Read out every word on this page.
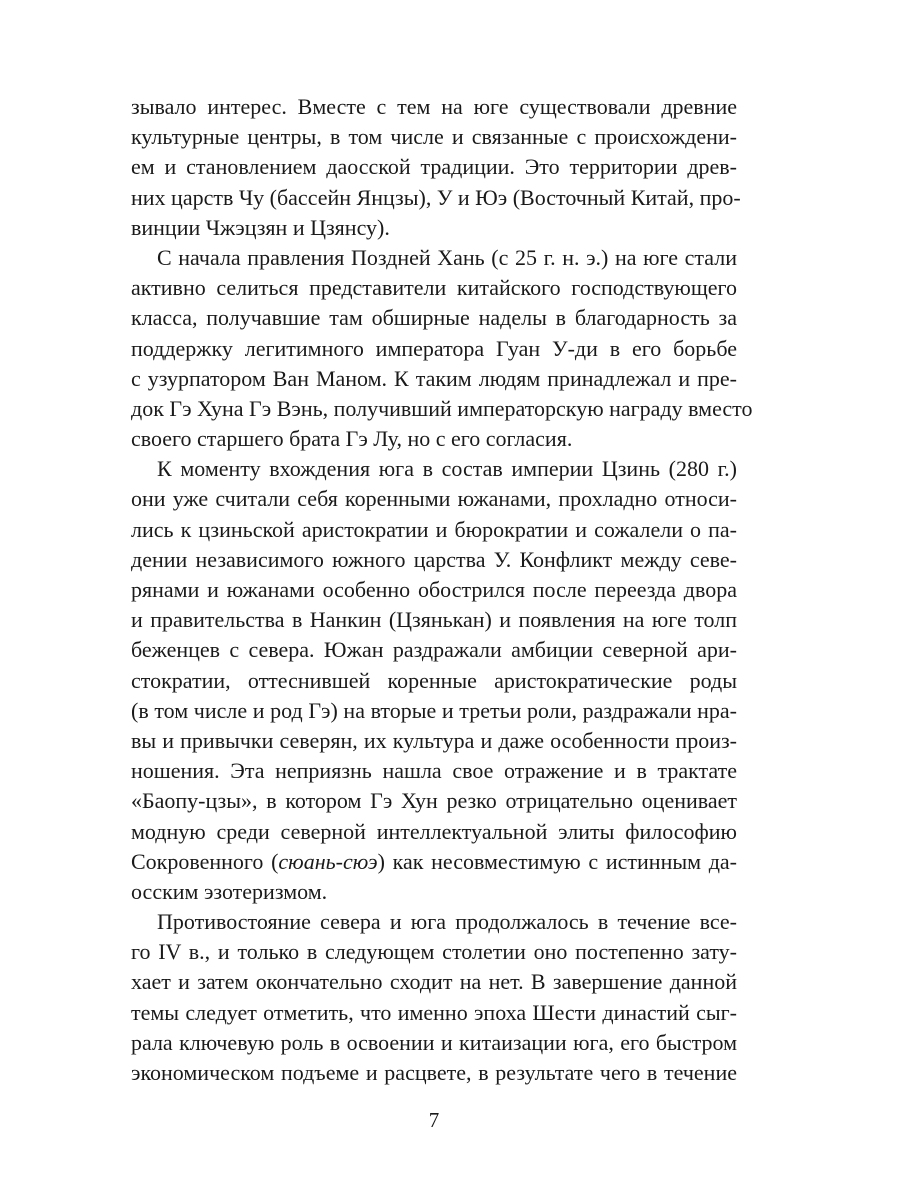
зывало интерес. Вместе с тем на юге существовали древние
культурные центры, в том числе и связанные с происхождени-
ем и становлением даосской традиции. Это территории древ-
них царств Чу (бассейн Янцзы), У и Юэ (Восточный Китай, про-
винции Чжэцзян и Цзянсу).
С начала правления Поздней Хань (с 25 г. н. э.) на юге стали
активно селиться представители китайского господствующего
класса, получавшие там обширные наделы в благодарность за
поддержку легитимного императора Гуан У-ди в его борьбе
с узурпатором Ван Маном. К таким людям принадлежал и пре-
док Гэ Хуна Гэ Вэнь, получивший императорскую награду вместо
своего старшего брата Гэ Лу, но с его согласия.
К моменту вхождения юга в состав империи Цзинь (280 г.)
они уже считали себя коренными южанами, прохладно относи-
лись к цзиньской аристократии и бюрократии и сожалели о па-
дении независимого южного царства У. Конфликт между севе-
рянами и южанами особенно обострился после переезда двора
и правительства в Нанкин (Цзянькан) и появления на юге толп
беженцев с севера. Южан раздражали амбиции северной ари-
стократии, оттеснившей коренные аристократические роды
(в том числе и род Гэ) на вторые и третьи роли, раздражали нра-
вы и привычки северян, их культура и даже особенности произ-
ношения. Эта неприязнь нашла свое отражение и в трактате
«Баопу-цзы», в котором Гэ Хун резко отрицательно оценивает
модную среди северной интеллектуальной элиты философию
Сокровенного (сюань-сюэ) как несовместимую с истинным да-
осским эзотеризмом.
Противостояние севера и юга продолжалось в течение все-
го IV в., и только в следующем столетии оно постепенно зату-
хает и затем окончательно сходит на нет. В завершение данной
темы следует отметить, что именно эпоха Шести династий сыг-
рала ключевую роль в освоении и китаизации юга, его быстром
экономическом подъеме и расцвете, в результате чего в течение
7
